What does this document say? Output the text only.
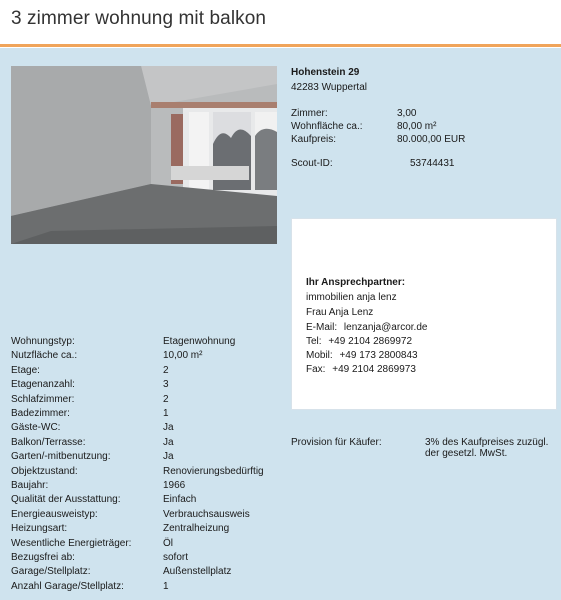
3 zimmer wohnung mit balkon
Hohenstein 29
42283 Wuppertal
Zimmer:	3,00
Wohnfläche ca.:	80,00 m²
Kaufpreis:	80.000,00 EUR
Scout-ID:	53744431
Ihr Ansprechpartner:
immobilien anja lenz
Frau Anja Lenz
E-Mail: lenzanja@arcor.de
Tel: +49 2104 2869972
Mobil: +49 173 2800843
Fax: +49 2104 2869973
Provision für Käufer:	3% des Kaufpreises zuzügl. der gesetzl. MwSt.
Wohnungstyp:	Etagenwohnung
Nutzfläche ca.:	10,00 m²
Etage:	2
Etagenanzahl:	3
Schlafzimmer:	2
Badezimmer:	1
Gäste-WC:	Ja
Balkon/Terrasse:	Ja
Garten/-mitbenutzung:	Ja
Objektzustand:	Renovierungsbedürftig
Baujahr:	1966
Qualität der Ausstattung:	Einfach
Energieausweistyp:	Verbrauchsausweis
Heizungsart:	Zentralheizung
Wesentliche Energieträger:	Öl
Bezugsfrei ab:	sofort
Garage/Stellplatz:	Außenstellplatz
Anzahl Garage/Stellplatz:	1
